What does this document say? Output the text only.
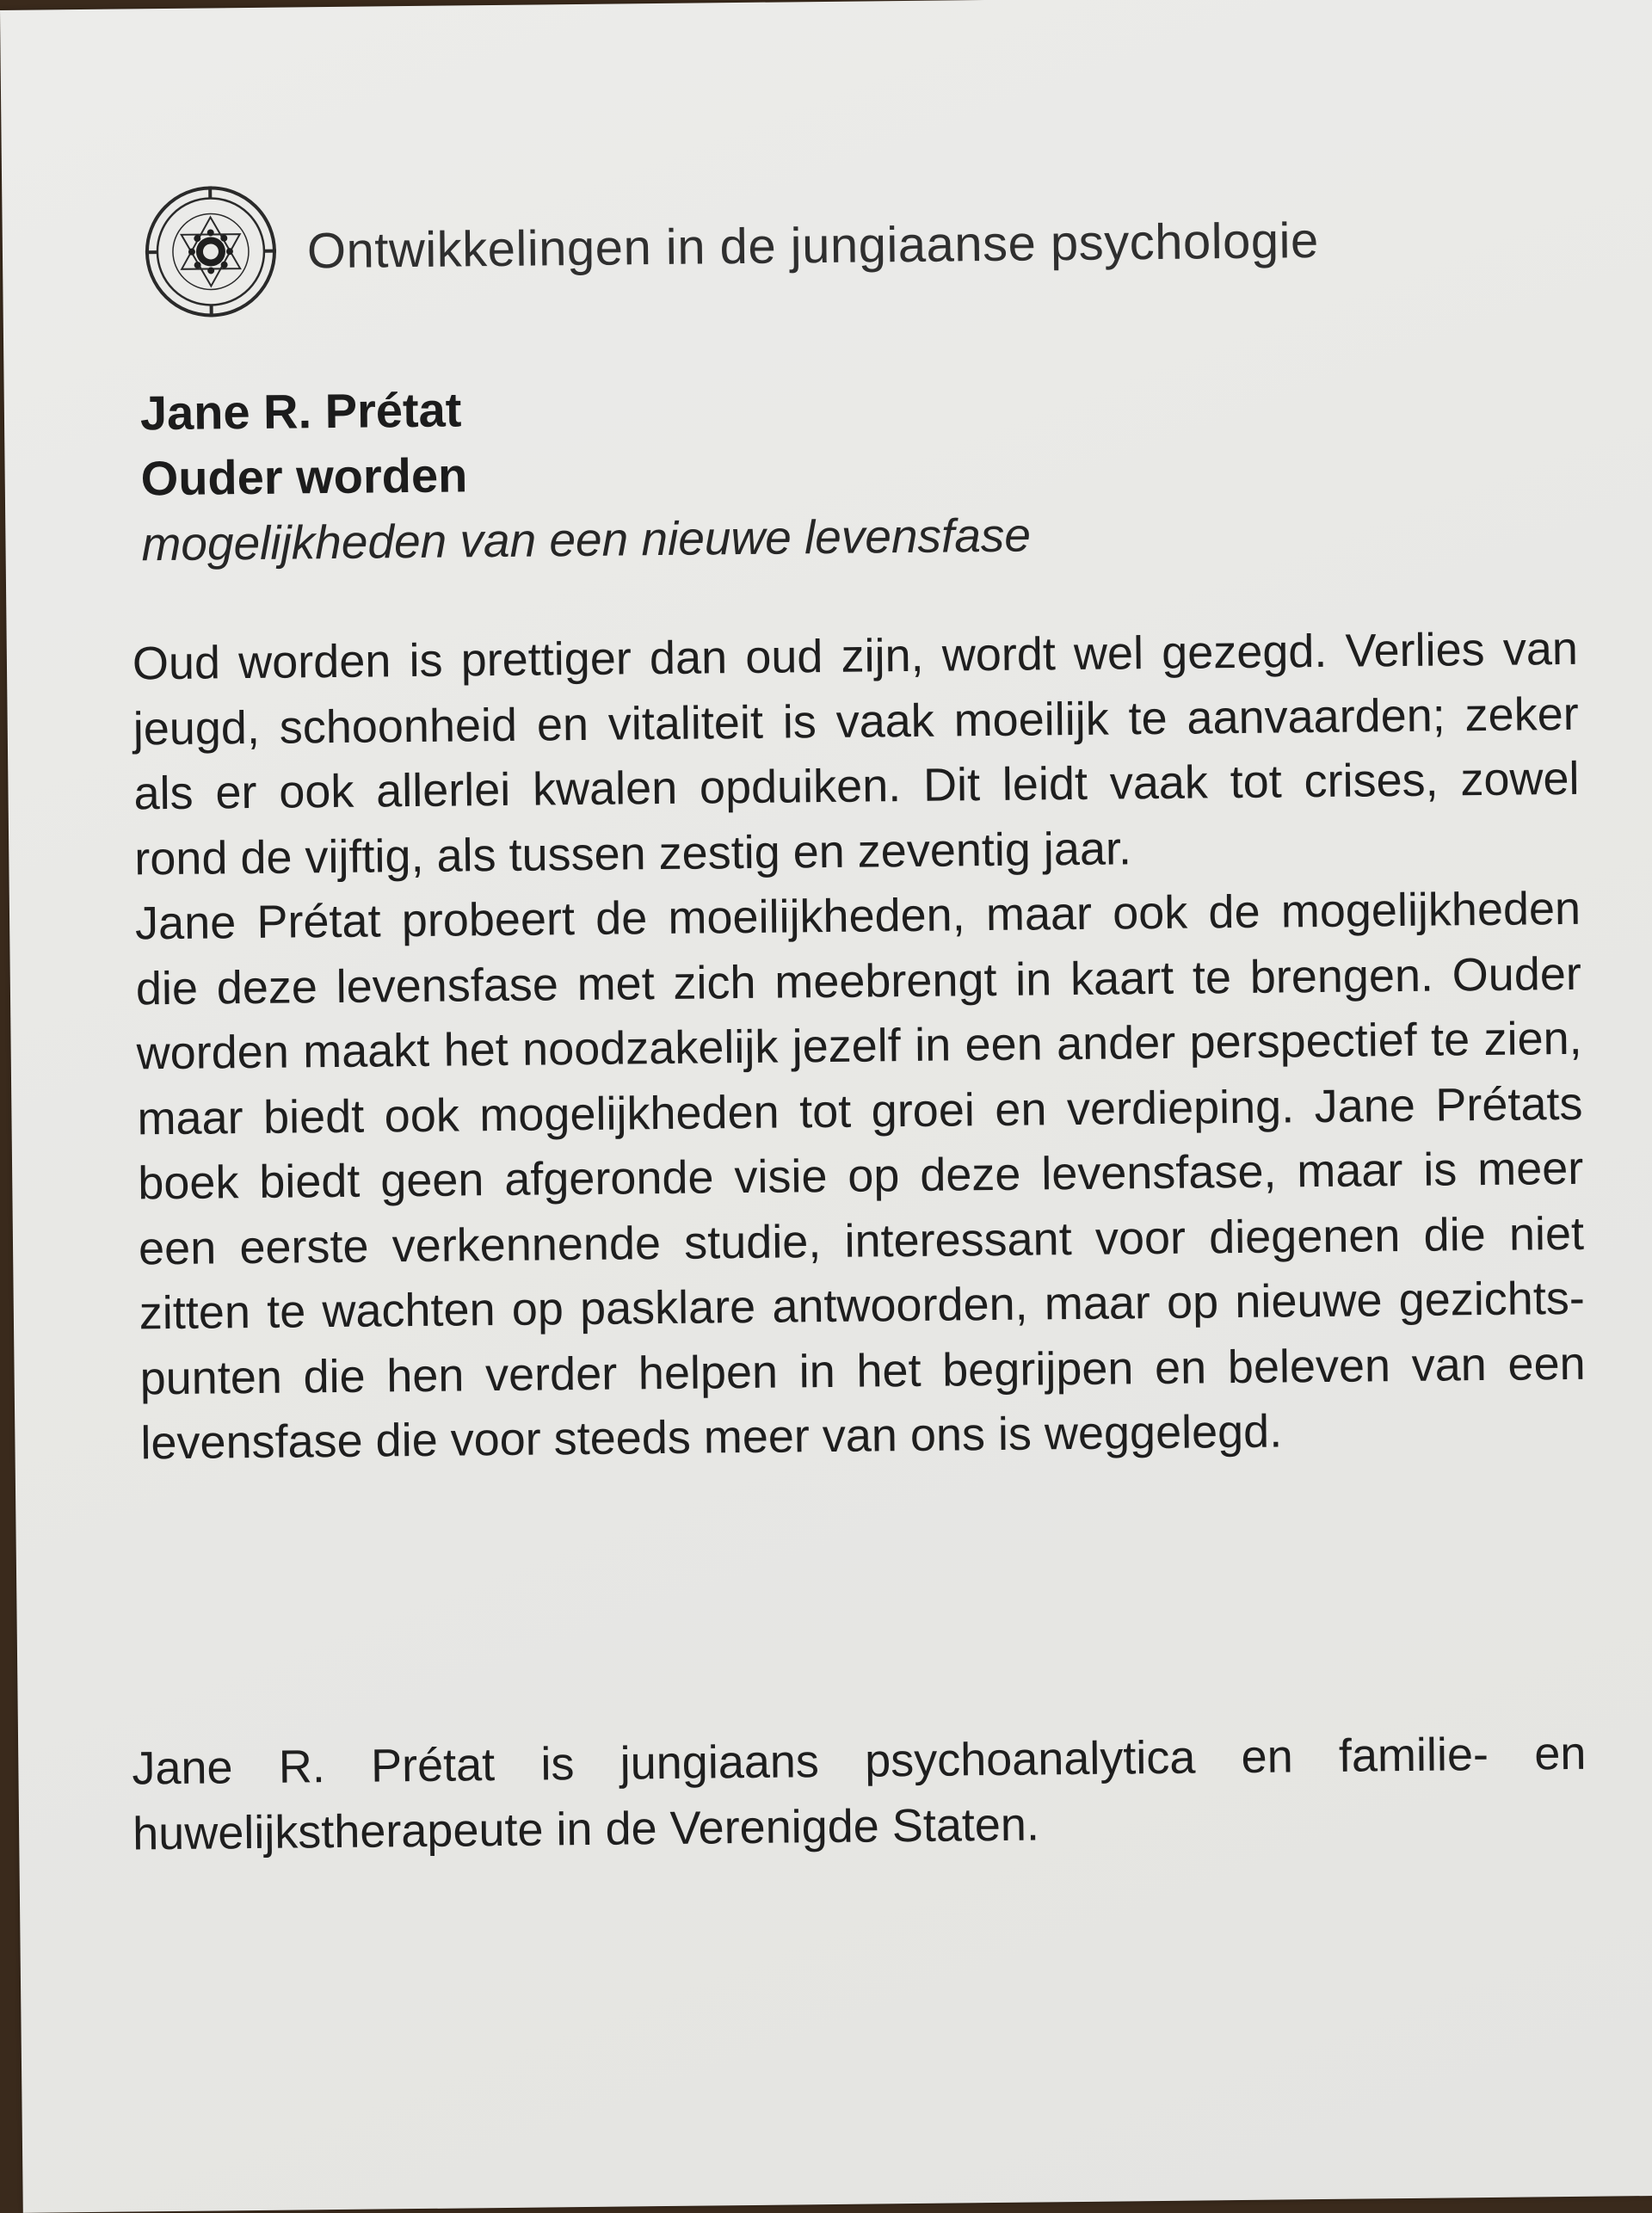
Ontwikkelingen in de jungiaanse psychologie

Jane R. Prétat

Ouder worden

mogelijkheden van een nieuwe levensfase

Oud worden is prettiger dan oud zijn, wordt wel gezegd. Verlies van jeugd, schoonheid en vitaliteit is vaak moeilijk te aanvaarden; zeker als er ook allerlei kwalen opduiken. Dit leidt vaak tot crises, zowel rond de vijftig, als tussen zestig en zeventig jaar.

Jane Prétat probeert de moeilijkheden, maar ook de mogelijkheden die deze levensfase met zich meebrengt in kaart te brengen. Ouder worden maakt het noodzakelijk jezelf in een ander perspectief te zien, maar biedt ook mogelijkheden tot groei en verdieping. Jane Prétats boek biedt geen afgeronde visie op deze levensfase, maar is meer een eerste verkennende studie, interessant voor diegenen die niet zitten te wachten op pasklare antwoorden, maar op nieuwe gezichtspunten die hen verder helpen in het begrijpen en beleven van een levensfase die voor steeds meer van ons is weggelegd.

Jane R. Prétat is jungiaans psychoanalytica en familie- en huwelijkstherapeute in de Verenigde Staten.
